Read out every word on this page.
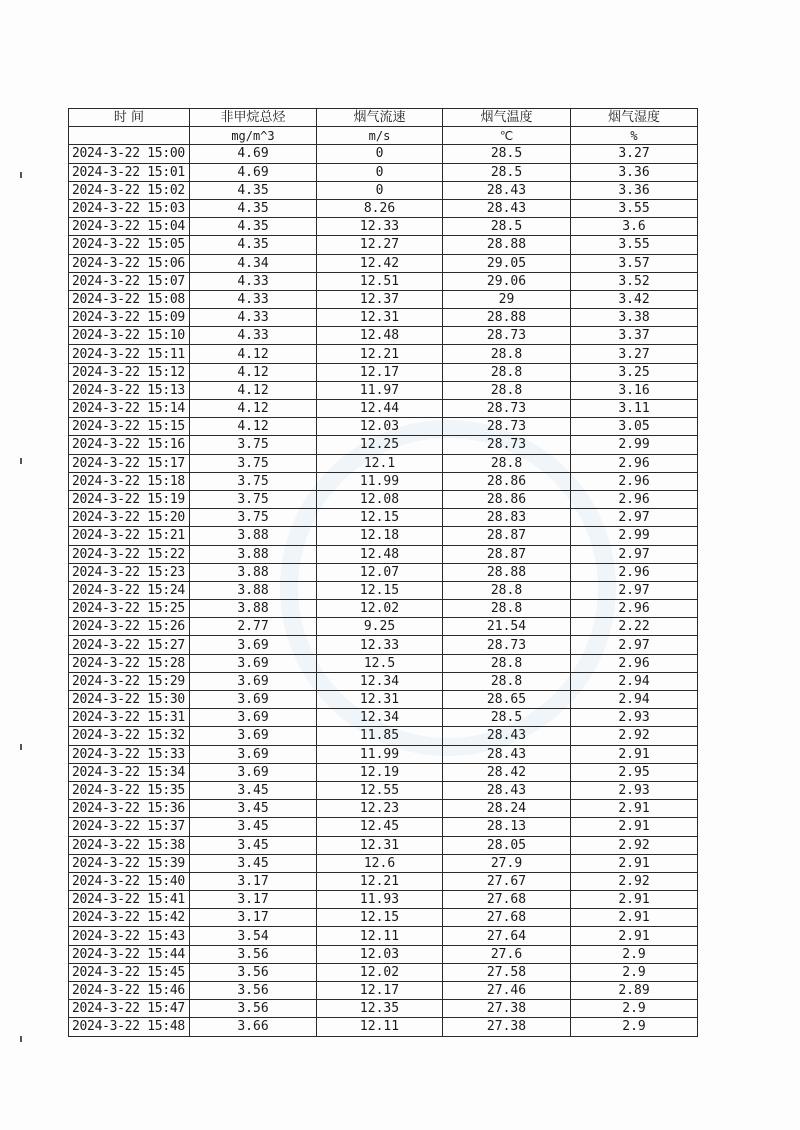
时 间	非甲烷总烃	烟气流速	烟气温度	烟气湿度
	mg/m^3	m/s	℃	%
2024-3-22 15:00	4.69	0	28.5	3.27
2024-3-22 15:01	4.69	0	28.5	3.36
2024-3-22 15:02	4.35	0	28.43	3.36
2024-3-22 15:03	4.35	8.26	28.43	3.55
2024-3-22 15:04	4.35	12.33	28.5	3.6
2024-3-22 15:05	4.35	12.27	28.88	3.55
2024-3-22 15:06	4.34	12.42	29.05	3.57
2024-3-22 15:07	4.33	12.51	29.06	3.52
2024-3-22 15:08	4.33	12.37	29	3.42
2024-3-22 15:09	4.33	12.31	28.88	3.38
2024-3-22 15:10	4.33	12.48	28.73	3.37
2024-3-22 15:11	4.12	12.21	28.8	3.27
2024-3-22 15:12	4.12	12.17	28.8	3.25
2024-3-22 15:13	4.12	11.97	28.8	3.16
2024-3-22 15:14	4.12	12.44	28.73	3.11
2024-3-22 15:15	4.12	12.03	28.73	3.05
2024-3-22 15:16	3.75	12.25	28.73	2.99
2024-3-22 15:17	3.75	12.1	28.8	2.96
2024-3-22 15:18	3.75	11.99	28.86	2.96
2024-3-22 15:19	3.75	12.08	28.86	2.96
2024-3-22 15:20	3.75	12.15	28.83	2.97
2024-3-22 15:21	3.88	12.18	28.87	2.99
2024-3-22 15:22	3.88	12.48	28.87	2.97
2024-3-22 15:23	3.88	12.07	28.88	2.96
2024-3-22 15:24	3.88	12.15	28.8	2.97
2024-3-22 15:25	3.88	12.02	28.8	2.96
2024-3-22 15:26	2.77	9.25	21.54	2.22
2024-3-22 15:27	3.69	12.33	28.73	2.97
2024-3-22 15:28	3.69	12.5	28.8	2.96
2024-3-22 15:29	3.69	12.34	28.8	2.94
2024-3-22 15:30	3.69	12.31	28.65	2.94
2024-3-22 15:31	3.69	12.34	28.5	2.93
2024-3-22 15:32	3.69	11.85	28.43	2.92
2024-3-22 15:33	3.69	11.99	28.43	2.91
2024-3-22 15:34	3.69	12.19	28.42	2.95
2024-3-22 15:35	3.45	12.55	28.43	2.93
2024-3-22 15:36	3.45	12.23	28.24	2.91
2024-3-22 15:37	3.45	12.45	28.13	2.91
2024-3-22 15:38	3.45	12.31	28.05	2.92
2024-3-22 15:39	3.45	12.6	27.9	2.91
2024-3-22 15:40	3.17	12.21	27.67	2.92
2024-3-22 15:41	3.17	11.93	27.68	2.91
2024-3-22 15:42	3.17	12.15	27.68	2.91
2024-3-22 15:43	3.54	12.11	27.64	2.91
2024-3-22 15:44	3.56	12.03	27.6	2.9
2024-3-22 15:45	3.56	12.02	27.58	2.9
2024-3-22 15:46	3.56	12.17	27.46	2.89
2024-3-22 15:47	3.56	12.35	27.38	2.9
2024-3-22 15:48	3.66	12.11	27.38	2.9
